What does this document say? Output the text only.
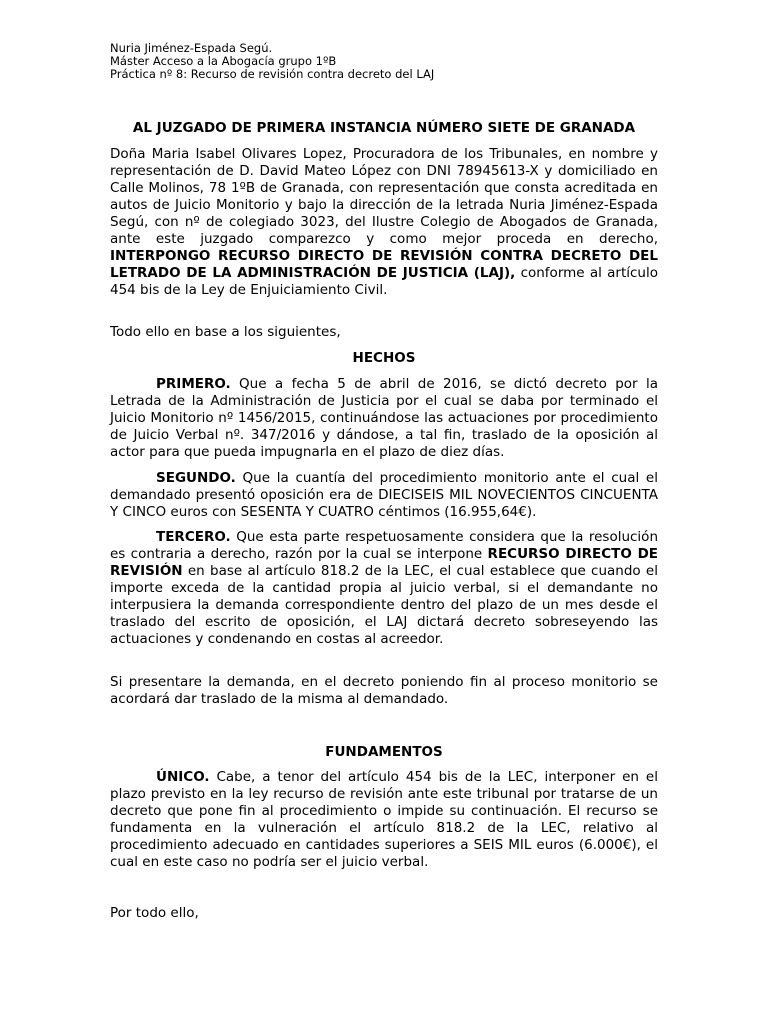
Nuria Jiménez-Espada Segú.
Máster Acceso a la Abogacía grupo 1ºB
Práctica nº 8: Recurso de revisión contra decreto del LAJ
AL JUZGADO DE PRIMERA INSTANCIA NÚMERO SIETE DE GRANADA
Doña Maria Isabel Olivares Lopez, Procuradora de los Tribunales, en nombre y representación de D. David Mateo López con DNI 78945613-X y domiciliado en Calle Molinos, 78 1ºB de Granada, con representación que consta acreditada en autos de Juicio Monitorio y bajo la dirección de la letrada Nuria Jiménez-Espada Segú, con nº de colegiado 3023, del Ilustre Colegio de Abogados de Granada, ante este juzgado comparezco y como mejor proceda en derecho, INTERPONGO RECURSO DIRECTO DE REVISIÓN CONTRA DECRETO DEL LETRADO DE LA ADMINISTRACIÓN DE JUSTICIA (LAJ), conforme al artículo 454 bis de la Ley de Enjuiciamiento Civil.
Todo ello en base a los siguientes,
HECHOS
PRIMERO. Que a fecha 5 de abril de 2016, se dictó decreto por la Letrada de la Administración de Justicia por el cual se daba por terminado el Juicio Monitorio nº 1456/2015, continuándose las actuaciones por procedimiento de Juicio Verbal nº. 347/2016 y dándose, a tal fin, traslado de la oposición al actor para que pueda impugnarla en el plazo de diez días.
SEGUNDO. Que la cuantía del procedimiento monitorio ante el cual el demandado presentó oposición era de DIECISEIS MIL NOVECIENTOS CINCUENTA Y CINCO euros con SESENTA Y CUATRO céntimos (16.955,64€).
TERCERO. Que esta parte respetuosamente considera que la resolución es contraria a derecho, razón por la cual se interpone RECURSO DIRECTO DE REVISIÓN en base al artículo 818.2 de la LEC, el cual establece que cuando el importe exceda de la cantidad propia al juicio verbal, si el demandante no interpusiera la demanda correspondiente dentro del plazo de un mes desde el traslado del escrito de oposición, el LAJ dictará decreto sobreseyendo las actuaciones y condenando en costas al acreedor.
Si presentare la demanda, en el decreto poniendo fin al proceso monitorio se acordará dar traslado de la misma al demandado.
FUNDAMENTOS
ÚNICO. Cabe, a tenor del artículo 454 bis de la LEC, interponer en el plazo previsto en la ley recurso de revisión ante este tribunal por tratarse de un decreto que pone fin al procedimiento o impide su continuación. El recurso se fundamenta en la vulneración el artículo 818.2 de la LEC, relativo al procedimiento adecuado en cantidades superiores a SEIS MIL euros (6.000€), el cual en este caso no podría ser el juicio verbal.
Por todo ello,
